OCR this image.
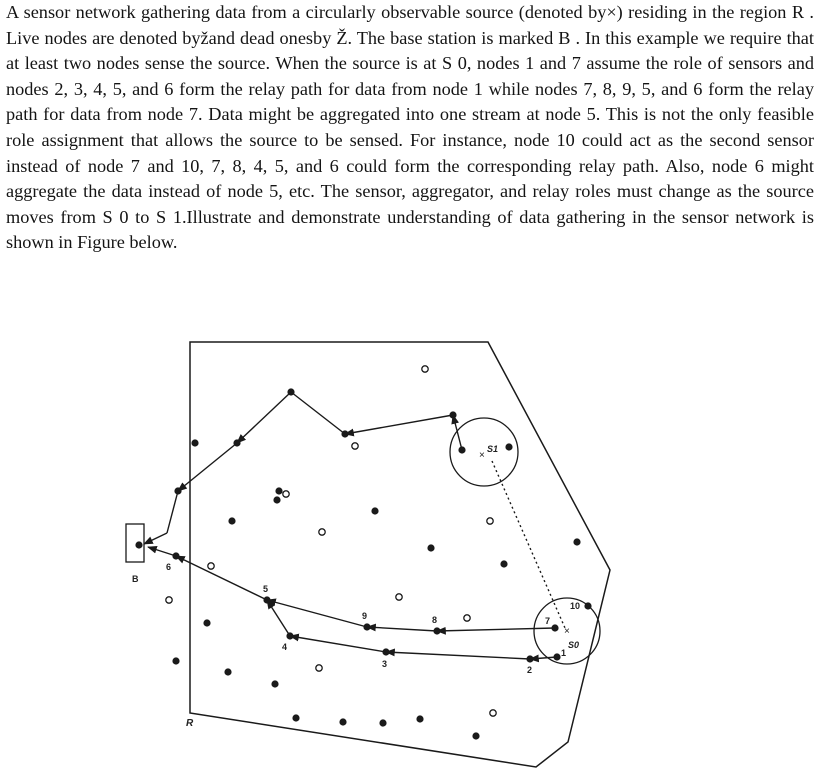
A sensor network gathering data from a circularly observable source (denoted by×) residing in the region R . Live nodes are denoted byžand dead onesby Ž. The base station is marked B . In this example we require that at least two nodes sense the source. When the source is at S 0, nodes 1 and 7 assume the role of sensors and nodes 2, 3, 4, 5, and 6 form the relay path for data from node 1 while nodes 7, 8, 9, 5, and 6 form the relay path for data from node 7. Data might be aggregated into one stream at node 5. This is not the only feasible role assignment that allows the source to be sensed. For instance, node 10 could act as the second sensor instead of node 7 and 10, 7, 8, 4, 5, and 6 could form the corresponding relay path. Also, node 6 might aggregate the data instead of node 5, etc. The sensor, aggregator, and relay roles must change as the source moves from S 0 to S 1.Illustrate and demonstrate understanding of data gathering in the sensor network is shown in Figure below.

×
×
S1
S0
B
R
1
2
3
4
5
6
7
8
9
10
